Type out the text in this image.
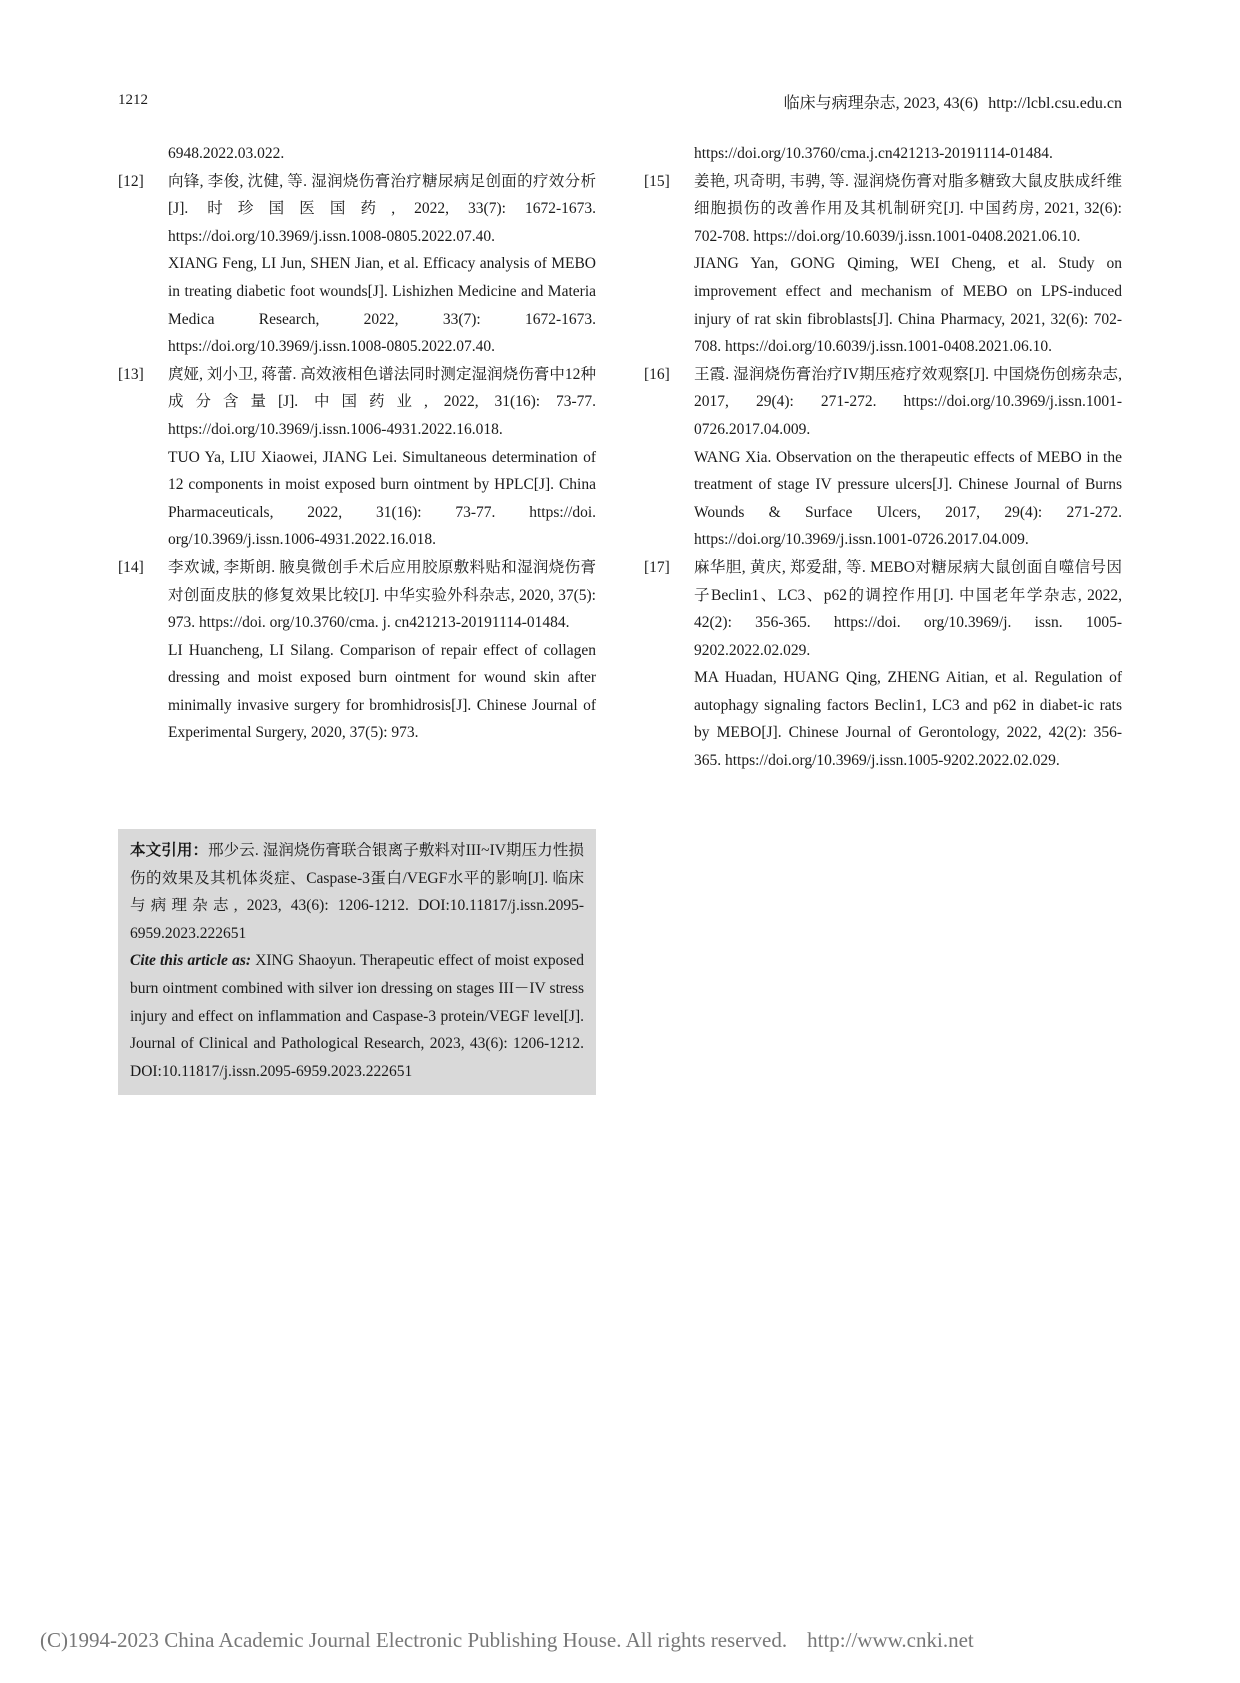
1212	临床与病理杂志, 2023, 43(6) http://lcbl.csu.edu.cn

6948.2022.03.022.

[12] 向锋, 李俊, 沈健, 等. 湿润烧伤膏治疗糖尿病足创面的疗效分析[J]. 时珍国医国药, 2022, 33(7): 1672-1673. https://doi.org/10.3969/j.issn.1008-0805.2022.07.40.

XIANG Feng, LI Jun, SHEN Jian, et al. Efficacy analysis of MEBO in treating diabetic foot wounds[J]. Lishizhen Medicine and Materia Medica Research, 2022, 33(7): 1672-1673. https://doi.org/10.3969/j.issn.1008-0805.2022.07.40.

[13] 庹娅, 刘小卫, 蒋蕾. 高效液相色谱法同时测定湿润烧伤膏中12种成分含量[J]. 中国药业, 2022, 31(16): 73-77. https://doi.org/10.3969/j.issn.1006-4931.2022.16.018.

TUO Ya, LIU Xiaowei, JIANG Lei. Simultaneous determination of 12 components in moist exposed burn ointment by HPLC[J]. China Pharmaceuticals, 2022, 31(16): 73-77. https://doi. org/10.3969/j.issn.1006-4931.2022.16.018.

[14] 李欢诚, 李斯朗. 腋臭微创手术后应用胶原敷料贴和湿润烧伤膏对创面皮肤的修复效果比较[J]. 中华实验外科杂志, 2020, 37(5): 973. https://doi. org/10.3760/cma. j. cn421213-20191114-01484.

LI Huancheng, LI Silang. Comparison of repair effect of collagen dressing and moist exposed burn ointment for wound skin after minimally invasive surgery for bromhidrosis[J]. Chinese Journal of Experimental Surgery, 2020, 37(5): 973.

https://doi.org/10.3760/cma.j.cn421213-20191114-01484.

[15] 姜艳, 巩奇明, 韦骋, 等. 湿润烧伤膏对脂多糖致大鼠皮肤成纤维细胞损伤的改善作用及其机制研究[J]. 中国药房, 2021, 32(6): 702-708. https://doi.org/10.6039/j.issn.1001-0408.2021.06.10.

JIANG Yan, GONG Qiming, WEI Cheng, et al. Study on improvement effect and mechanism of MEBO on LPS-induced injury of rat skin fibroblasts[J]. China Pharmacy, 2021, 32(6): 702-708. https://doi.org/10.6039/j.issn.1001-0408.2021.06.10.

[16] 王霞. 湿润烧伤膏治疗IV期压疮疗效观察[J]. 中国烧伤创疡杂志, 2017, 29(4): 271-272. https://doi.org/10.3969/j.issn.1001-0726.2017.04.009.

WANG Xia. Observation on the therapeutic effects of MEBO in the treatment of stage IV pressure ulcers[J]. Chinese Journal of Burns Wounds & Surface Ulcers, 2017, 29(4): 271-272. https://doi.org/10.3969/j.issn.1001-0726.2017.04.009.

[17] 麻华胆, 黄庆, 郑爱甜, 等. MEBO对糖尿病大鼠创面自噬信号因子Beclin1、LC3、p62的调控作用[J]. 中国老年学杂志, 2022, 42(2): 356-365. https://doi. org/10.3969/j. issn. 1005-9202.2022.02.029.

MA Huadan, HUANG Qing, ZHENG Aitian, et al. Regulation of autophagy signaling factors Beclin1, LC3 and p62 in diabet-ic rats by MEBO[J]. Chinese Journal of Gerontology, 2022, 42(2): 356-365. https://doi.org/10.3969/j.issn.1005-9202.2022.02.029.

本文引用：邢少云. 湿润烧伤膏联合银离子敷料对III~IV期压力性损伤的效果及其机体炎症、Caspase-3蛋白/VEGF水平的影响[J]. 临床与病理杂志, 2023, 43(6): 1206-1212. DOI:10.11817/j.issn.2095-6959.2023.222651

Cite this article as: XING Shaoyun. Therapeutic effect of moist exposed burn ointment combined with silver ion dressing on stages III－IV stress injury and effect on inflammation and Caspase-3 protein/VEGF level[J]. Journal of Clinical and Pathological Research, 2023, 43(6): 1206-1212. DOI:10.11817/j.issn.2095-6959.2023.222651

(C)1994-2023 China Academic Journal Electronic Publishing House. All rights reserved. http://www.cnki.net
